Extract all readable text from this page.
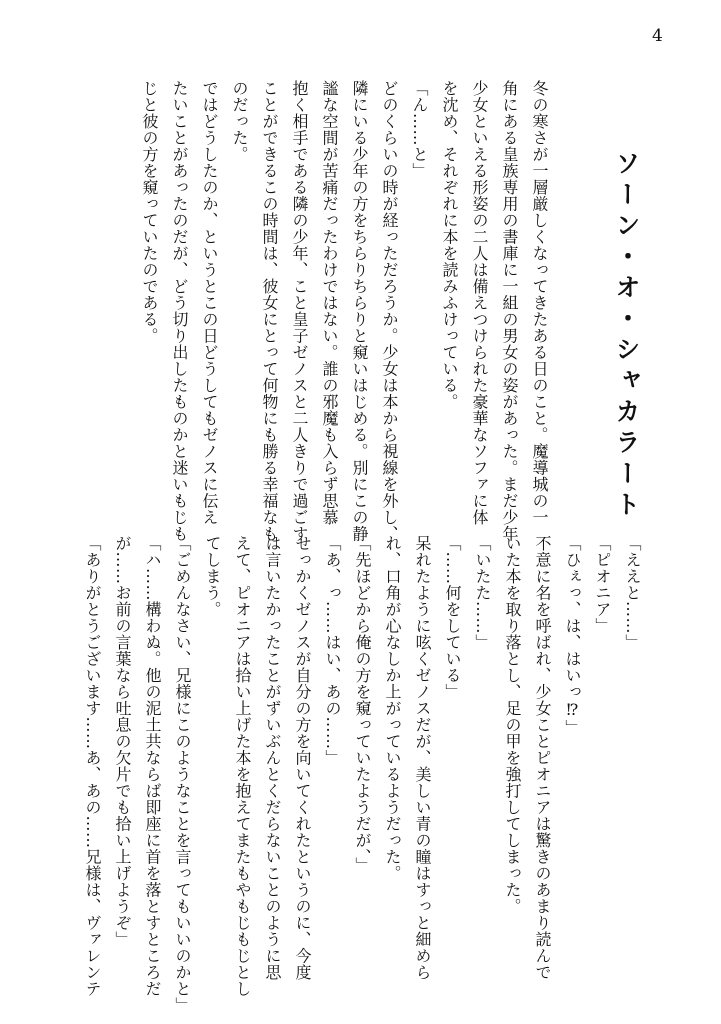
4
ソーン・オ・シャカラート

冬の寒さが一層厳しくなってきたある日のこと。魔導城の一

角にある皇族専用の書庫に一組の男女の姿があった。まだ少年

少女といえる形姿の二人は備えつけられた豪華なソファに体

を沈め、それぞれに本を読みふけっている。

「ん……と」

どのくらいの時が経っただろうか。少女は本から視線を外し、

隣にいる少年の方をちらりちらりと窺いはじめる。別にこの静

謐な空間が苦痛だったわけではない。誰の邪魔も入らず思慕

抱く相手である隣の少年、こと皇子ゼノスと二人きりで過ごす

ことができるこの時間は、彼女にとって何物にも勝る幸福なも

のだった。

ではどうしたのか、というとこの日どうしてもゼノスに伝え

たいことがあったのだが、どう切り出したものかと迷いもじも

じと彼の方を窺っていたのである。

「ええと……」

「ピオニア」

「ひぇっ、は、はいっ⁉」

不意に名を呼ばれ、少女ことピオニアは驚きのあまり読んで

いた本を取り落とし、足の甲を強打してしまった。

「いたた……」

「……何をしている」

呆れたように呟くゼノスだが、美しい青の瞳はすっと細めら

れ、口角が心なしか上がっているようだった。

「先ほどから俺の方を窺っていたようだが、」

「あ、っ……はい、あの……」

せっかくゼノスが自分の方を向いてくれたというのに、今度

は言いたかったことがずいぶんとくだらないことのように思

えて、ピオニアは拾い上げた本を抱えてまたもやもじもじとし

てしまう。

「ごめんなさい、兄様にこのようなことを言ってもいいのかと」

「ハ……構わぬ。他の泥土共ならば即座に首を落とすところだ

が……お前の言葉なら吐息の欠片でも拾い上げようぞ」

「ありがとうございます……あ、あの……兄様は、ヴァレンテ
